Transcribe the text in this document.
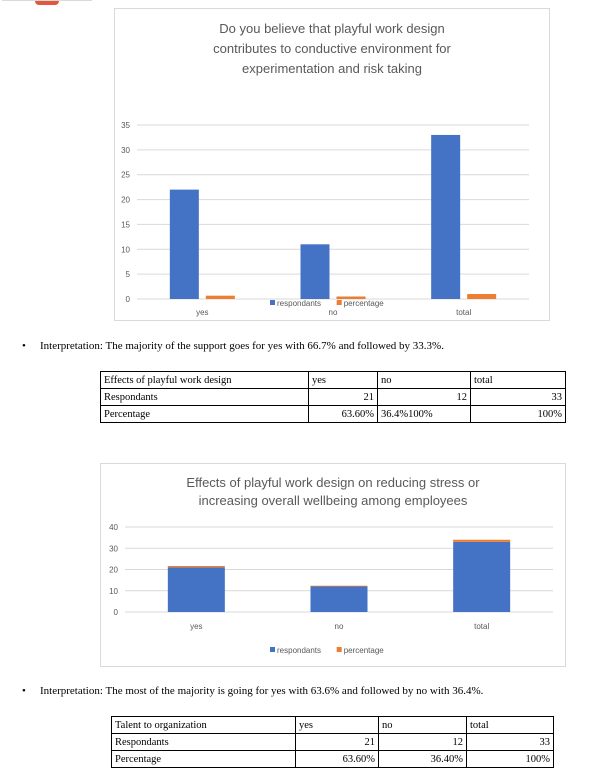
Do you believe that playful work design
contributes to conductive environment for
experimentation and risk taking
0
5
10
15
20
25
30
35
yes	no	total
respondants	percentage
• Interpretation: The majority of the support goes for yes with 66.7% and followed by 33.3%.
Effects of playful work design	yes	no	total
Respondants	21	12	33
Percentage	63.60%	36.4%100%	100%
Effects of playful work design on reducing stress or
increasing overall wellbeing among employees
0
10
20
30
40
yes	no	total
respondants	percentage
• Interpretation: The most of the majority is going for yes with 63.6% and followed by no with 36.4%.
Talent to organization	yes	no	total
Respondants	21	12	33
Percentage	63.60%	36.40%	100%
